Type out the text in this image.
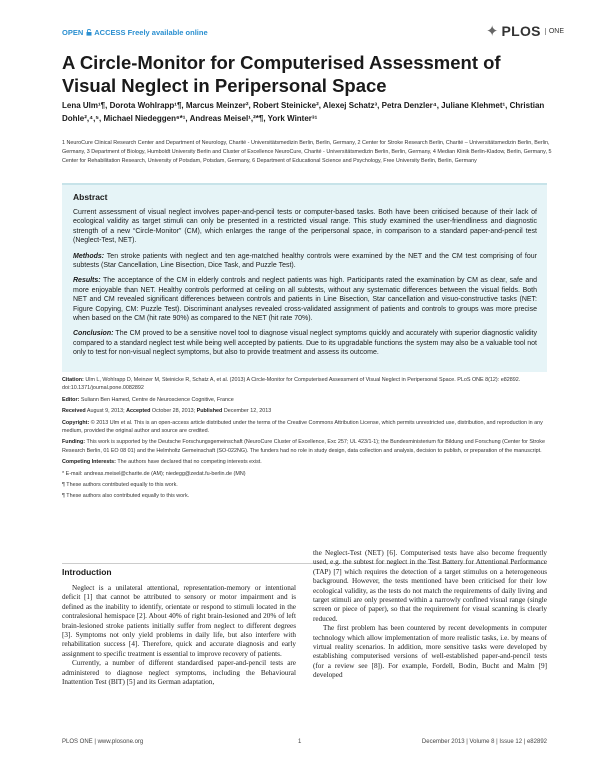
OPEN ACCESS Freely available online	✦ PLOS	ONE
A Circle-Monitor for Computerised Assessment of Visual Neglect in Peripersonal Space
Lena Ulm¹¶, Dorota Wohlrapp¹¶, Marcus Meinzer², Robert Steinicke², Alexej Schatz³, Petra Denzler⁴, Juliane Klehmet¹, Christian Dohle²,⁴,⁵, Michael Niedeggen⁶*¹, Andreas Meisel¹,²*¶, York Winter³¹
1 NeuroCure Clinical Research Center and Department of Neurology, Charité - Universitätsmedizin Berlin, Berlin, Germany, 2 Center for Stroke Research Berlin, Charité – Universitätsmedizin Berlin, Berlin, Germany, 3 Department of Biology, Humboldt University Berlin and Cluster of Excellence NeuroCure, Charité - Universitätsmedizin Berlin, Berlin, Germany, 4 Median Klinik Berlin-Kladow, Berlin, Germany, 5 Center for Rehabilitation Research, University of Potsdam, Potsdam, Germany, 6 Department of Educational Science and Psychology, Free University Berlin, Berlin, Germany
Abstract

Current assessment of visual neglect involves paper-and-pencil tests or computer-based tasks. Both have been criticised because of their lack of ecological validity as target stimuli can only be presented in a restricted visual range. This study examined the user-friendliness and diagnostic strength of a new “Circle-Monitor” (CM), which enlarges the range of the peripersonal space, in comparison to a standard paper-and-pencil test (Neglect-Test, NET).

Methods: Ten stroke patients with neglect and ten age-matched healthy controls were examined by the NET and the CM test comprising of four subtests (Star Cancellation, Line Bisection, Dice Task, and Puzzle Test).

Results: The acceptance of the CM in elderly controls and neglect patients was high. Participants rated the examination by CM as clear, safe and more enjoyable than NET. Healthy controls performed at ceiling on all subtests, without any systematic differences between the visual fields. Both NET and CM revealed significant differences between controls and patients in Line Bisection, Star cancellation and visuo-constructive tasks (NET: Figure Copying, CM: Puzzle Test). Discriminant analyses revealed cross-validated assignment of patients and controls to groups was more precise when based on the CM (hit rate 90%) as compared to the NET (hit rate 70%).

Conclusion: The CM proved to be a sensitive novel tool to diagnose visual neglect symptoms quickly and accurately with superior diagnostic validity compared to a standard neglect test while being well accepted by patients. Due to its upgradable functions the system may also be a valuable tool not only to test for non-visual neglect symptoms, but also to provide treatment and assess its outcome.

Citation: Ulm L, Wohlrapp D, Meinzer M, Steinicke R, Schatz A, et al. (2013) A Circle-Monitor for Computerised Assessment of Visual Neglect in Peripersonal Space. PLoS ONE 8(12): e82892. doi:10.1371/journal.pone.0082892

Editor: Suliann Ben Hamed, Centre de Neuroscience Cognitive, France

Received August 9, 2013; Accepted October 28, 2013; Published December 12, 2013

Copyright: © 2013 Ulm et al. This is an open-access article distributed under the terms of the Creative Commons Attribution License, which permits unrestricted use, distribution, and reproduction in any medium, provided the original author and source are credited.

Funding: This work is supported by the Deutsche Forschungsgemeinschaft (NeuroCure Cluster of Excellence, Exc 257; UL 423/1-1); the Bundesministerium für Bildung und Forschung (Center for Stroke Research Berlin, 01 EO 08 01) and the Helmholtz Gemeinschaft (SO-022NG). The funders had no role in study design, data collection and analysis, decision to publish, or preparation of the manuscript.

Competing Interests: The authors have declared that no competing interests exist.

* E-mail: andreas.meisel@charite.de (AM); niedegg@zedat.fu-berlin.de (MN)

¶ These authors contributed equally to this work.

¶ These authors also contributed equally to this work.

Introduction

Neglect is a unilateral attentional, representation-memory or intentional deficit [1] that cannot be attributed to sensory or motor impairment and is defined as the inability to identify, orientate or respond to stimuli located in the contralesional hemispace [2]. About 40% of right brain-lesioned and 20% of left brain-lesioned stroke patients initially suffer from neglect to different degrees [3]. Symptoms not only yield problems in daily life, but also interfere with rehabilitation success [4]. Therefore, quick and accurate diagnosis and early assignment to specific treatment is essential to improve recovery of patients.

Currently, a number of different standardised paper-and-pencil tests are administered to diagnose neglect symptoms, including the Behavioural Inattention Test (BIT) [5] and its German adaptation,

the Neglect-Test (NET) [6]. Computerised tests have also become frequently used, e.g. the subtest for neglect in the Test Battery for Attentional Performance (TAP) [7] which requires the detection of a target stimulus on a heterogeneous background. However, the tests mentioned have been criticised for their low ecological validity, as the tests do not match the requirements of daily living and target stimuli are only presented within a narrowly confined visual range (single screen or piece of paper), so that the requirement for visual scanning is clearly reduced.

The first problem has been countered by recent developments in computer technology which allow implementation of more realistic tasks, i.e. by means of virtual reality scenarios. In addition, more sensitive tasks were developed by establishing computerised versions of well-established paper-and-pencil tests (for a review see [8]). For example, Fordell, Bodin, Bucht and Malm [9] developed

PLOS ONE | www.plosone.org	1	December 2013 | Volume 8 | Issue 12 | e82892
